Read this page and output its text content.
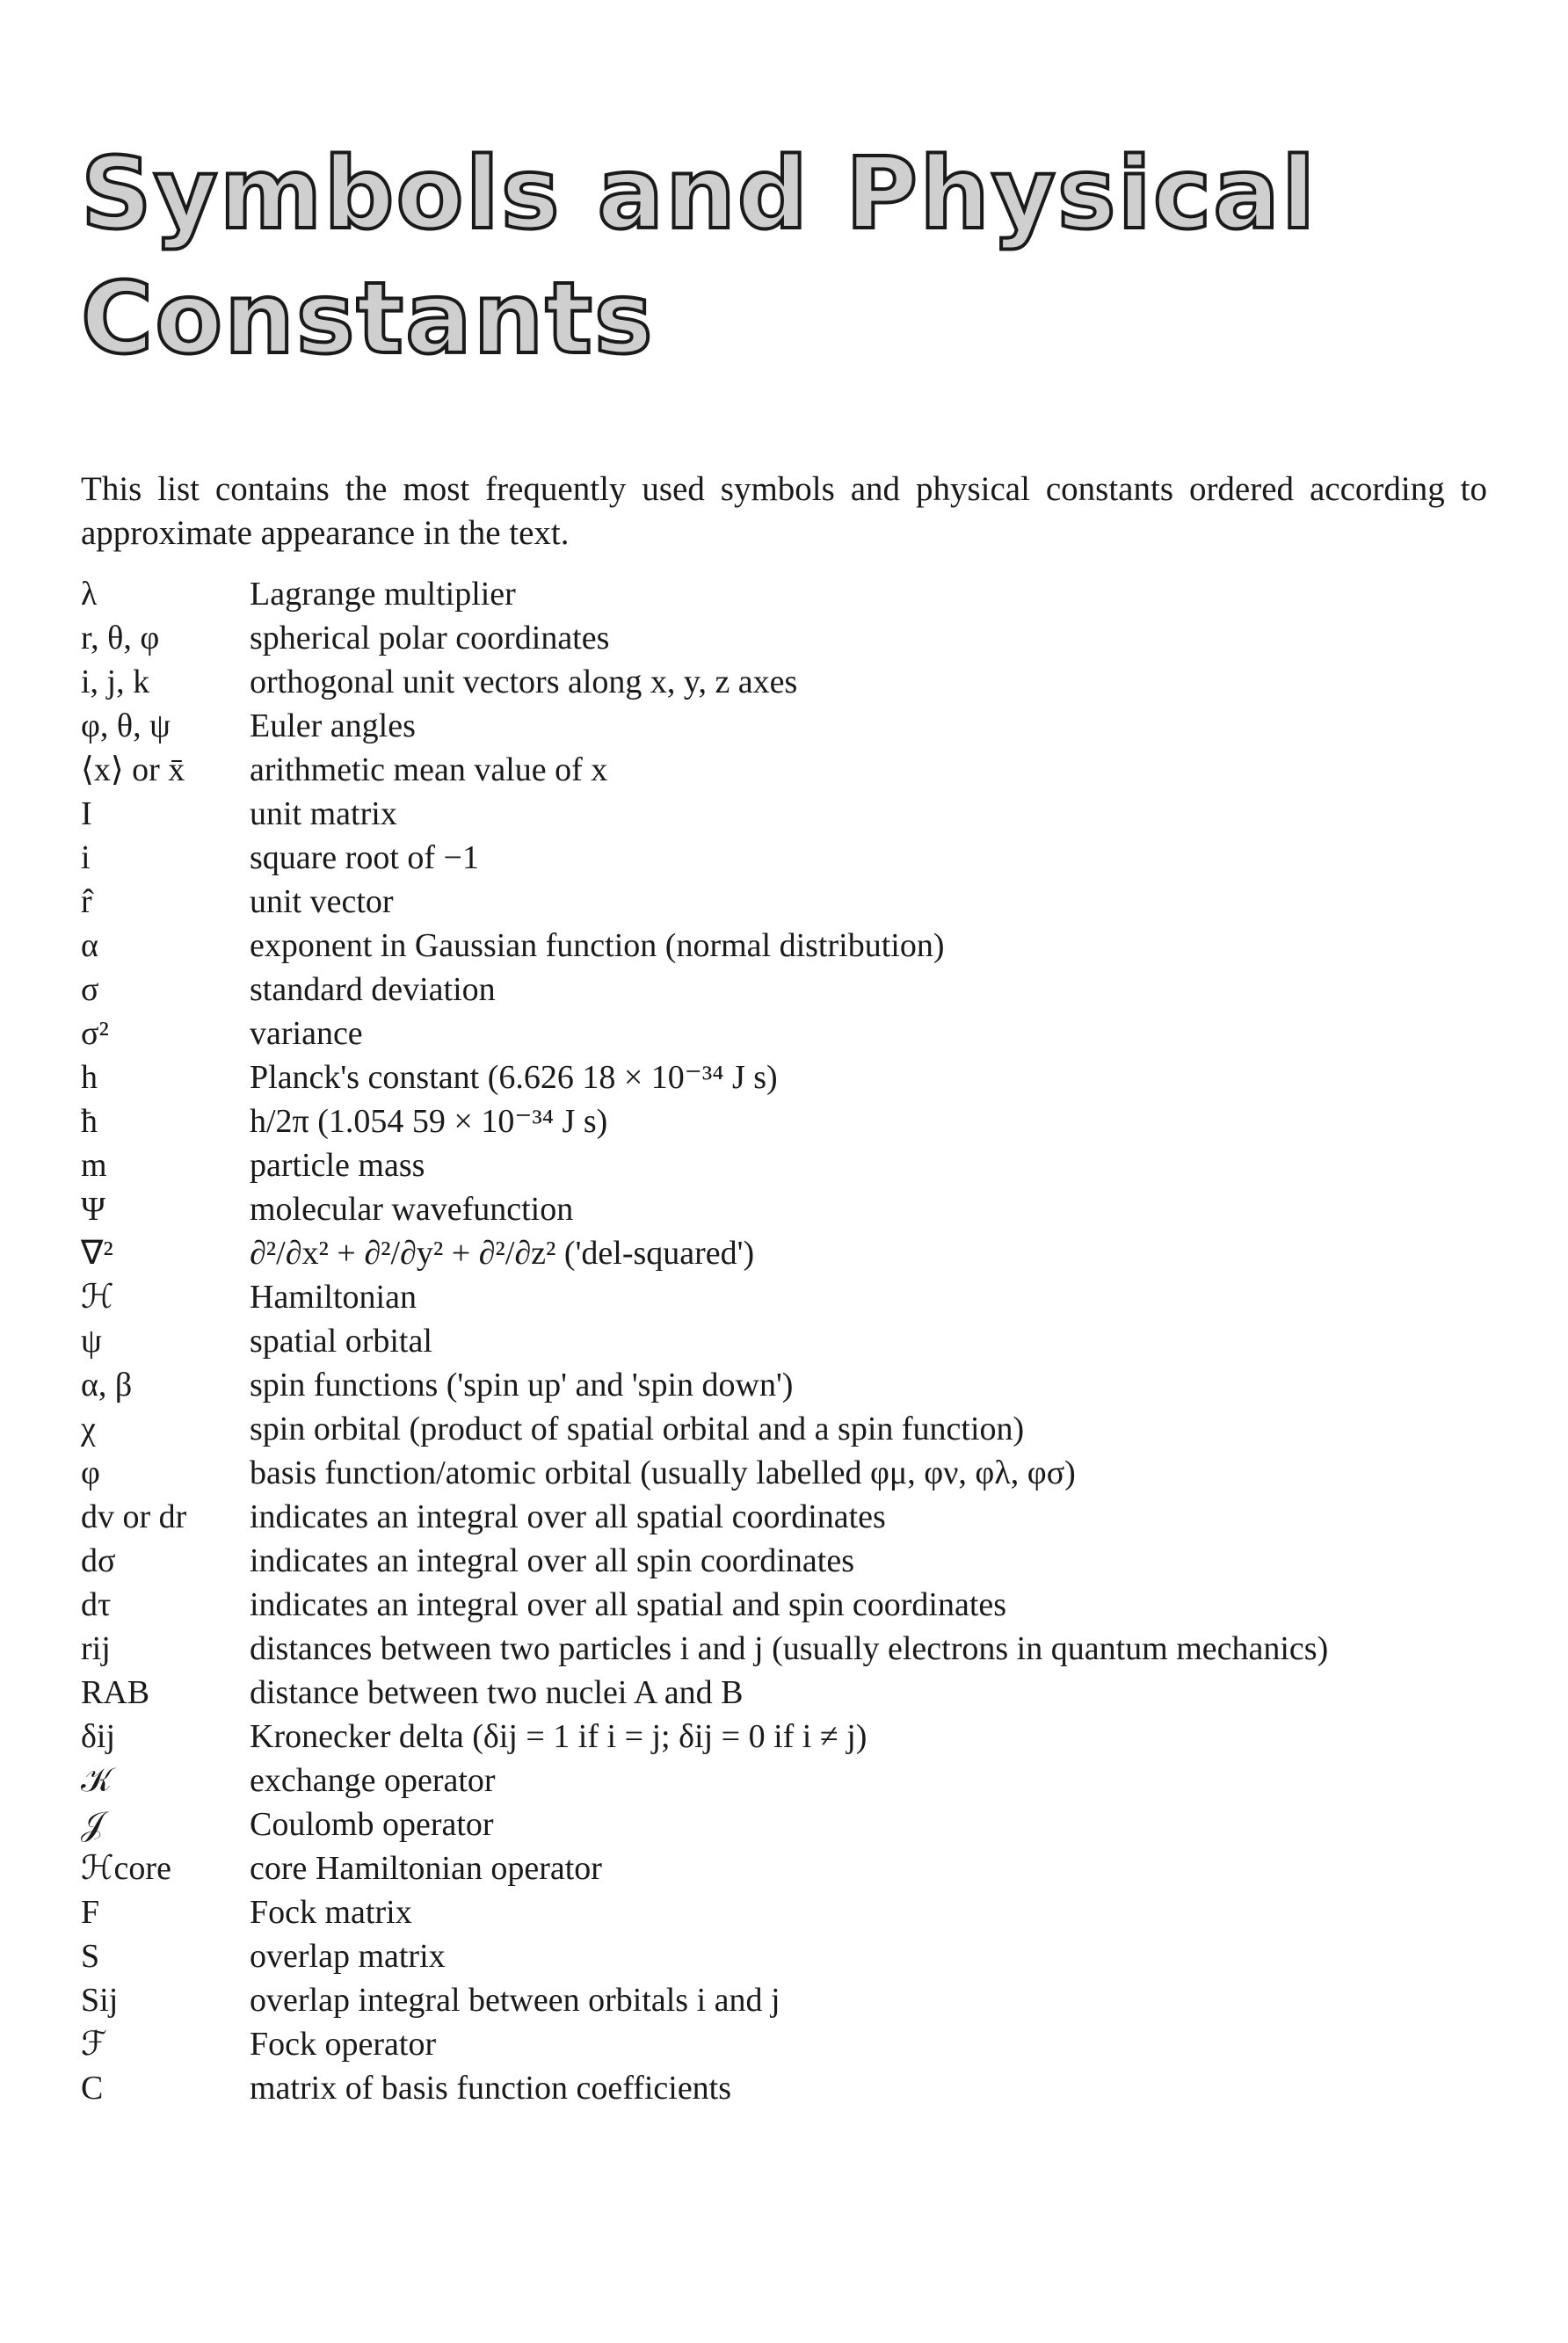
Symbols and Physical
Constants

This list contains the most frequently used symbols and physical constants ordered according to approximate appearance in the text.

λ	Lagrange multiplier
r, θ, φ	spherical polar coordinates
i, j, k	orthogonal unit vectors along x, y, z axes
φ, θ, ψ	Euler angles
⟨x⟩ or x̄	arithmetic mean value of x
I	unit matrix
i	square root of −1
r̂	unit vector
α	exponent in Gaussian function (normal distribution)
σ	standard deviation
σ²	variance
h	Planck's constant (6.626 18 × 10⁻³⁴ J s)
ħ	h/2π (1.054 59 × 10⁻³⁴ J s)
m	particle mass
Ψ	molecular wavefunction
∇²	∂²/∂x² + ∂²/∂y² + ∂²/∂z² ('del-squared')
ℋ	Hamiltonian
ψ	spatial orbital
α, β	spin functions ('spin up' and 'spin down')
χ	spin orbital (product of spatial orbital and a spin function)
φ	basis function/atomic orbital (usually labelled φμ, φν, φλ, φσ)
dv or dr	indicates an integral over all spatial coordinates
dσ	indicates an integral over all spin coordinates
dτ	indicates an integral over all spatial and spin coordinates
rij	distances between two particles i and j (usually electrons in quantum mechanics)
RAB	distance between two nuclei A and B
δij	Kronecker delta (δij = 1 if i = j; δij = 0 if i ≠ j)
𝒦	exchange operator
𝒥	Coulomb operator
ℋcore	core Hamiltonian operator
F	Fock matrix
S	overlap matrix
Sij	overlap integral between orbitals i and j
ℱ	Fock operator
C	matrix of basis function coefficients
